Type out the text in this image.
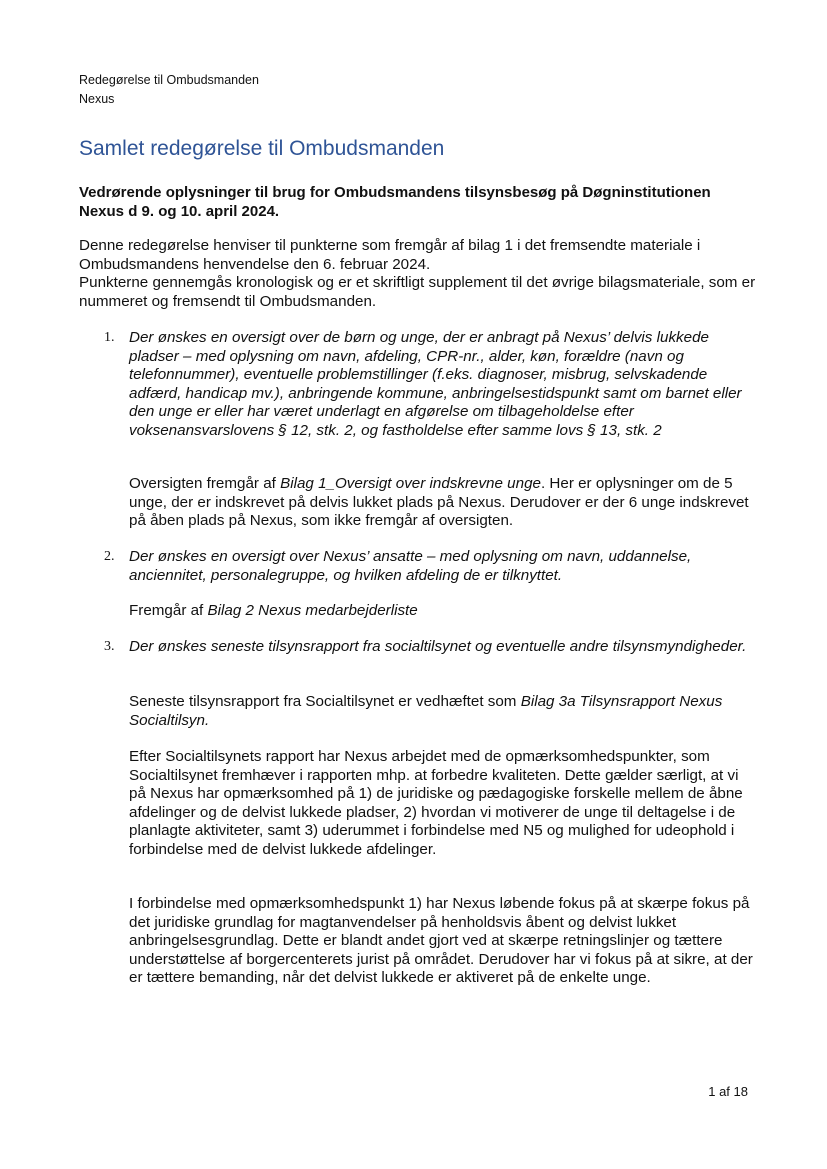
Redegørelse til Ombudsmanden
Nexus
Samlet redegørelse til Ombudsmanden

Vedrørende oplysninger til brug for Ombudsmandens tilsynsbesøg på Døgninstitutionen Nexus d 9. og 10. april 2024.

Denne redegørelse henviser til punkterne som fremgår af bilag 1 i det fremsendte materiale i Ombudsmandens henvendelse den 6. februar 2024.
Punkterne gennemgås kronologisk og er et skriftligt supplement til det øvrige bilagsmateriale, som er nummeret og fremsendt til Ombudsmanden.
1. Der ønskes en oversigt over de børn og unge, der er anbragt på Nexus’ delvis lukkede pladser – med oplysning om navn, afdeling, CPR-nr., alder, køn, forældre (navn og telefonnummer), eventuelle problemstillinger (f.eks. diagnoser, misbrug, selvskadende adfærd, handicap mv.), anbringende kommune, anbringelsestidspunkt samt om barnet eller den unge er eller har været underlagt en afgørelse om tilbageholdelse efter voksenansvarslovens § 12, stk. 2, og fastholdelse efter samme lovs § 13, stk. 2

Oversigten fremgår af Bilag 1_Oversigt over indskrevne unge. Her er oplysninger om de 5 unge, der er indskrevet på delvis lukket plads på Nexus. Derudover er der 6 unge indskrevet på åben plads på Nexus, som ikke fremgår af oversigten.

2. Der ønskes en oversigt over Nexus’ ansatte – med oplysning om navn, uddannelse, anciennitet, personalegruppe, og hvilken afdeling de er tilknyttet.

Fremgår af Bilag 2 Nexus medarbejderliste

3. Der ønskes seneste tilsynsrapport fra socialtilsynet og eventuelle andre tilsynsmyndigheder.

Seneste tilsynsrapport fra Socialtilsynet er vedhæftet som Bilag 3a Tilsynsrapport Nexus Socialtilsyn.

Efter Socialtilsynets rapport har Nexus arbejdet med de opmærksomhedspunkter, som Socialtilsynet fremhæver i rapporten mhp. at forbedre kvaliteten. Dette gælder særligt, at vi på Nexus har opmærksomhed på 1) de juridiske og pædagogiske forskelle mellem de åbne afdelinger og de delvist lukkede pladser, 2) hvordan vi motiverer de unge til deltagelse i de planlagte aktiviteter, samt 3) uderummet i forbindelse med N5 og mulighed for udeophold i forbindelse med de delvist lukkede afdelinger.

I forbindelse med opmærksomhedspunkt 1) har Nexus løbende fokus på at skærpe fokus på det juridiske grundlag for magtanvendelser på henholdsvis åbent og delvist lukket anbringelsesgrundlag. Dette er blandt andet gjort ved at skærpe retningslinjer og tættere understøttelse af borgercenterets jurist på området. Derudover har vi fokus på at sikre, at der er tættere bemanding, når det delvist lukkede er aktiveret på de enkelte unge.

1 af 18
